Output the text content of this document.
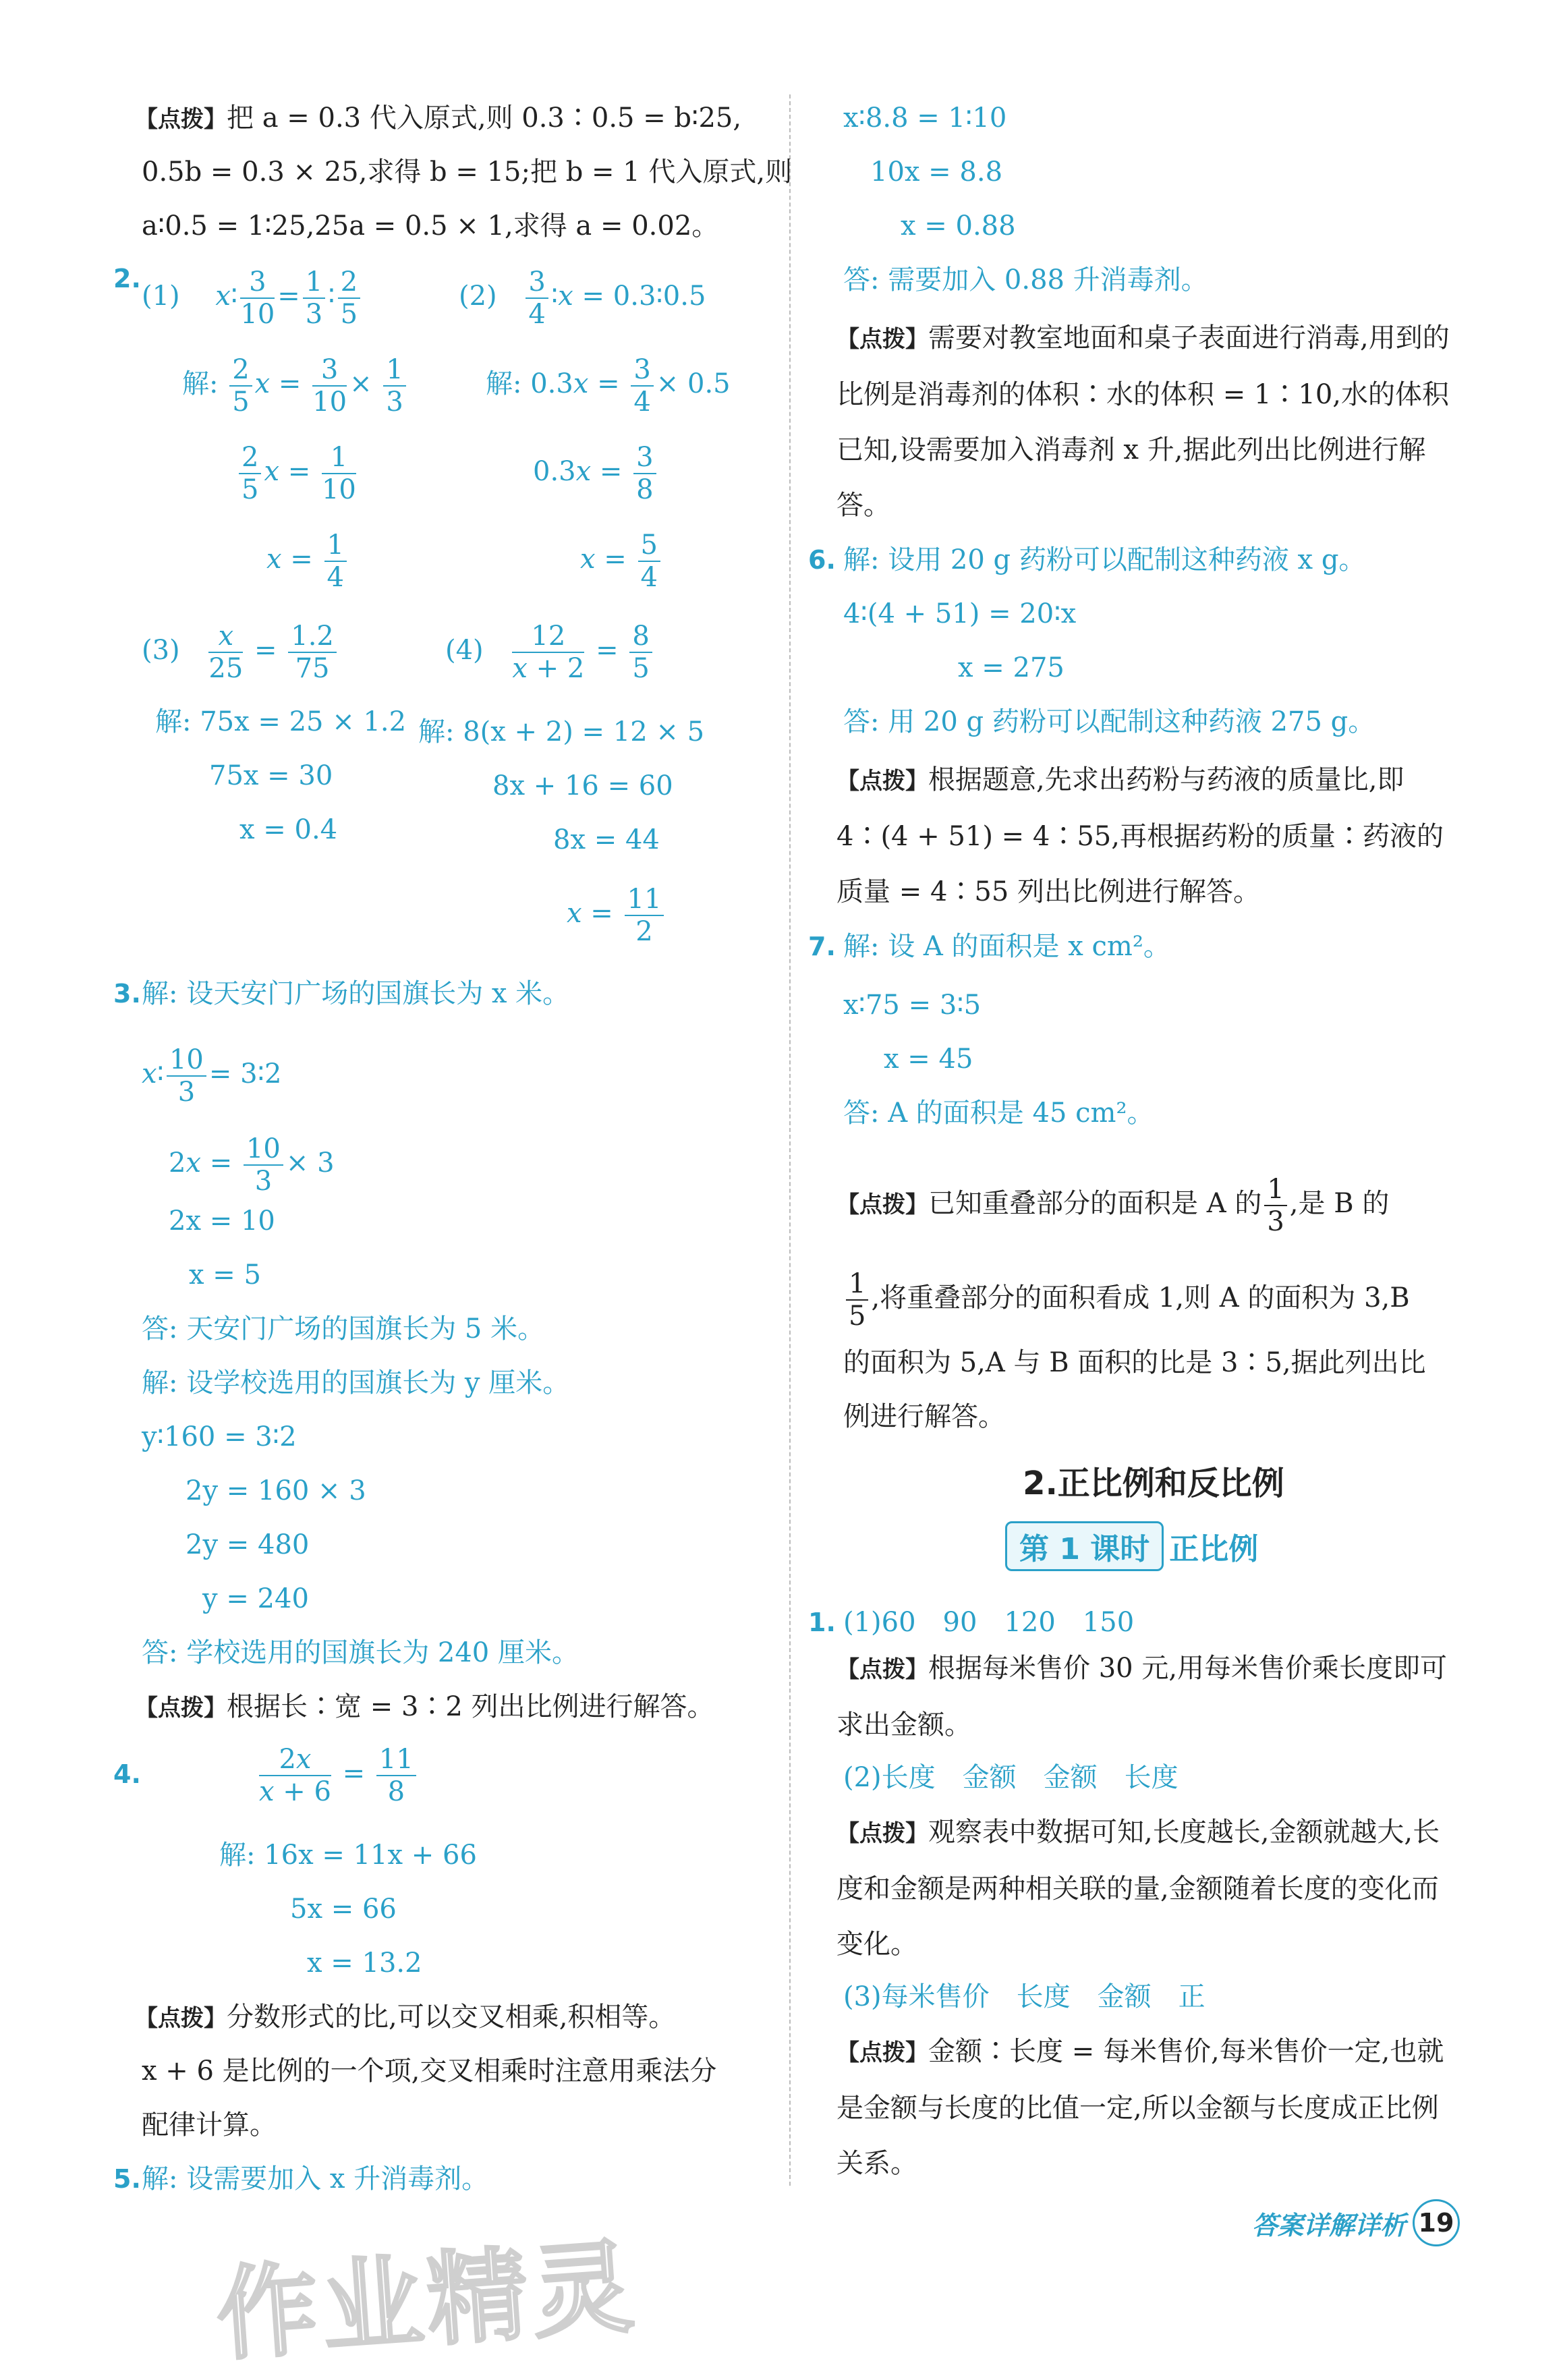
【点拨】把 a = 0.3 代入原式,则 0.3∶0.5 = b∶25,
0.5b = 0.3 × 25,求得 b = 15;把 b = 1 代入原式,则
a∶0.5 = 1∶25,25a = 0.5 × 1,求得 a = 0.02。
2.
(1) x∶ $\frac{3}{10} = \frac{1}{3}$ ∶ $\frac{2}{5}$	$(2) \frac{3}{4}$ ∶x = 0.3∶0.5
解: $\frac{2}{5}$ $x = \frac{3}{10} \times \frac{1}{3}$	解: $0.3x = \frac{3}{4} \times 0.5$
$\frac{2}{5}$ $x = \frac{1}{10}$	$0.3x = \frac{3}{8}$
$x = \frac{1}{4}$	$x = \frac{5}{4}$
$(3) \frac{x}{25} = \frac{1.2}{75}$	$(4) \frac{12}{x + 2} = \frac{8}{5}$
解: 75x = 25 × 1.2 解: 8(x + 2) = 12 × 5
75x = 30	8x + 16 = 60
x = 0.4	8x = 44
$x = \frac{11}{2}$
3. 解: 设天安门广场的国旗长为 x 米。
x∶ $\frac{10}{3}$ = 3∶2
$2x = \frac{10}{3} \times 3$
2x = 10
x = 5
答: 天安门广场的国旗长为 5 米。
解: 设学校选用的国旗长为 y 厘米。
y∶160 = 3∶2
2y = 160 × 3
2y = 480
y = 240
答: 学校选用的国旗长为 240 厘米。
【点拨】根据长∶宽 = 3∶2 列出比例进行解答。
4.	$\frac{2x}{x + 6} = \frac{11}{8}$
解: 16x = 11x + 66
5x = 66
x = 13.2
【点拨】分数形式的比,可以交叉相乘,积相等。
x + 6 是比例的一个项,交叉相乘时注意用乘法分
配律计算。
5. 解: 设需要加入 x 升消毒剂。
x∶8.8 = 1∶10
10x = 8.8
x = 0.88
答: 需要加入 0.88 升消毒剂。
【点拨】需要对教室地面和桌子表面进行消毒,用到的比例是消毒剂的体积∶水的体积 = 1∶10,水的体积已知,设需要加入消毒剂 x 升,据此列出比例进行解答。
6. 解: 设用 20 g 药粉可以配制这种药液 x g。
4∶(4 + 51) = 20∶x
x = 275
答: 用 20 g 药粉可以配制这种药液 275 g。
【点拨】根据题意,先求出药粉与药液的质量比,即 4∶(4 + 51) = 4∶55,再根据药粉的质量∶药液的质量 = 4∶55 列出比例进行解答。
7. 解: 设 A 的面积是 x cm²。
x∶75 = 3∶5
x = 45
答: A 的面积是 45 cm²。
【点拨】已知重叠部分的面积是 A 的 $\frac{1}{3}$ ,是 B 的
$\frac{1}{5}$ ,将重叠部分的面积看成 1,则 A 的面积为 3,B
的面积为 5,A 与 B 面积的比是 3∶5,据此列出比
例进行解答。
1. (1)60　90　120　150
【点拨】根据每米售价 30 元,用每米售价乘长度即可求出金额。
(2)长度　金额　金额　长度
【点拨】观察表中数据可知,长度越长,金额就越大,长度和金额是两种相关联的量,金额随着长度的变化而变化。
(3)每米售价　长度　金额　正
【点拨】金额∶长度 = 每米售价,每米售价一定,也就是金额与长度的比值一定,所以金额与长度成正比例关系。
2.正比例和反比例
第 1 课时 正比例
答案详解详析 19
作业精灵
